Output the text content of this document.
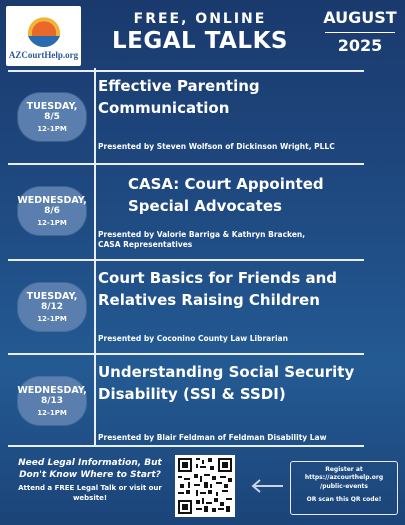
AZCourtHelp.org
FREE, ONLINE
LEGAL TALKS
AUGUST
2025
TUESDAY,
8/5
12-1PM
Effective Parenting
Communication
Presented by Steven Wolfson of Dickinson Wright, PLLC
WEDNESDAY,
8/6
12-1PM
CASA: Court Appointed
Special Advocates
Presented by Valorie Barriga & Kathryn Bracken,
CASA Representatives
TUESDAY,
8/12
12-1PM
Court Basics for Friends and
Relatives Raising Children
Presented by Coconino County Law Librarian
WEDNESDAY,
8/13
12-1PM
Understanding Social Security
Disability (SSI & SSDI)
Presented by Blair Feldman of Feldman Disability Law
Need Legal Information, But
Don't Know Where to Start?
Attend a FREE Legal Talk or visit our
website!
Register at
https://azcourthelp.org
/public-events
OR scan this QR code!
